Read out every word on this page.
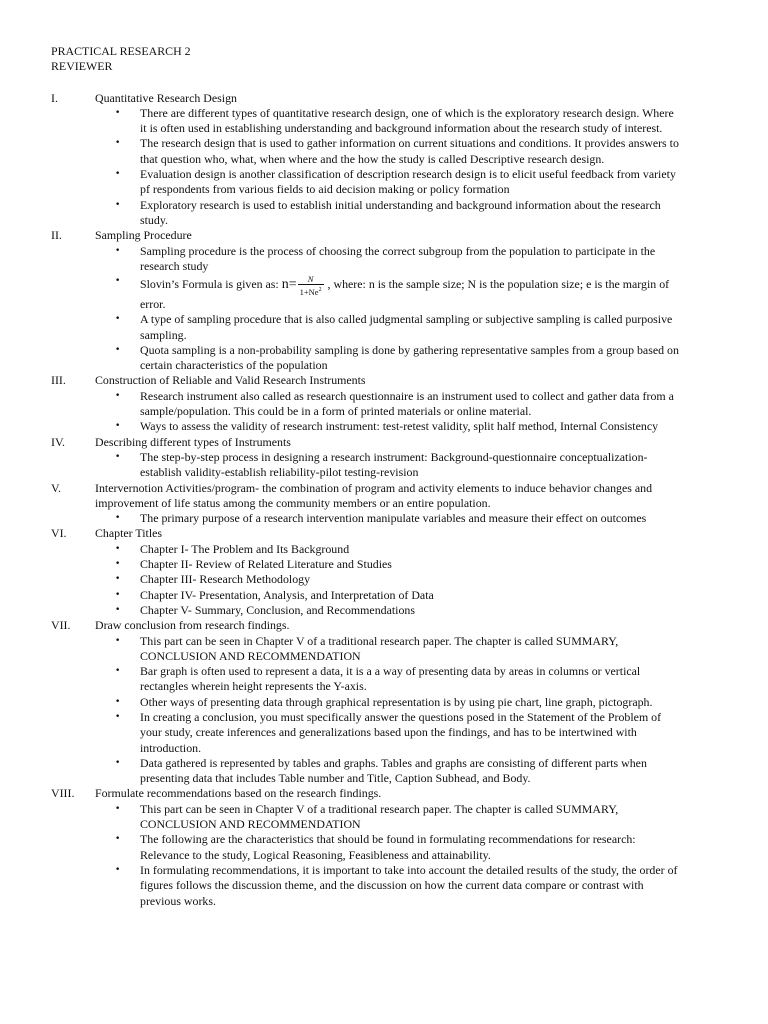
PRACTICAL RESEARCH 2
REVIEWER
I.	Quantitative Research Design
• There are different types of quantitative research design, one of which is the exploratory research design. Where it is often used in establishing understanding and background information about the research study of interest.
• The research design that is used to gather information on current situations and conditions. It provides answers to that question who, what, when where and the how the study is called Descriptive research design.
• Evaluation design is another classification of description research design is to elicit useful feedback from variety pf respondents from various fields to aid decision making or policy formation
• Exploratory research is used to establish initial understanding and background information about the research study.
II.	Sampling Procedure
• Sampling procedure is the process of choosing the correct subgroup from the population to participate in the research study
• Slovin’s Formula is given as: $n= \frac{N}{1+Ne^2}$ , where: n is the sample size; N is the population size; e is the margin of error.
• A type of sampling procedure that is also called judgmental sampling or subjective sampling is called purposive sampling.
• Quota sampling is a non-probability sampling is done by gathering representative samples from a group based on certain characteristics of the population
III. Construction of Reliable and Valid Research Instruments
• Research instrument also called as research questionnaire is an instrument used to collect and gather data from a sample/population. This could be in a form of printed materials or online material.
• Ways to assess the validity of research instrument: test-retest validity, split half method, Internal Consistency
IV.	Describing different types of Instruments
• The step-by-step process in designing a research instrument: Background-questionnaire conceptualization-establish validity-establish reliability-pilot testing-revision
V.	Intervernotion Activities/program- the combination of program and activity elements to induce behavior changes and improvement of life status among the community members or an entire population.
• The primary purpose of a research intervention manipulate variables and measure their effect on outcomes
VI. Chapter Titles
• Chapter I- The Problem and Its Background
• Chapter II- Review of Related Literature and Studies
• Chapter III- Research Methodology
• Chapter IV- Presentation, Analysis, and Interpretation of Data
• Chapter V- Summary, Conclusion, and Recommendations
VII. Draw conclusion from research findings.
• This part can be seen in Chapter V of a traditional research paper. The chapter is called SUMMARY, CONCLUSION AND RECOMMENDATION
• Bar graph is often used to represent a data, it is a a way of presenting data by areas in columns or vertical rectangles wherein height represents the Y-axis.
• Other ways of presenting data through graphical representation is by using pie chart, line graph, pictograph.
• In creating a conclusion, you must specifically answer the questions posed in the Statement of the Problem of your study, create inferences and generalizations based upon the findings, and has to be intertwined with introduction.
• Data gathered is represented by tables and graphs. Tables and graphs are consisting of different parts when presenting data that includes Table number and Title, Caption Subhead, and Body.
VIII. Formulate recommendations based on the research findings.
• This part can be seen in Chapter V of a traditional research paper. The chapter is called SUMMARY, CONCLUSION AND RECOMMENDATION
• The following are the characteristics that should be found in formulating recommendations for research: Relevance to the study, Logical Reasoning, Feasibleness and attainability.
• In formulating recommendations, it is important to take into account the detailed results of the study, the order of figures follows the discussion theme, and the discussion on how the current data compare or contrast with previous works.
